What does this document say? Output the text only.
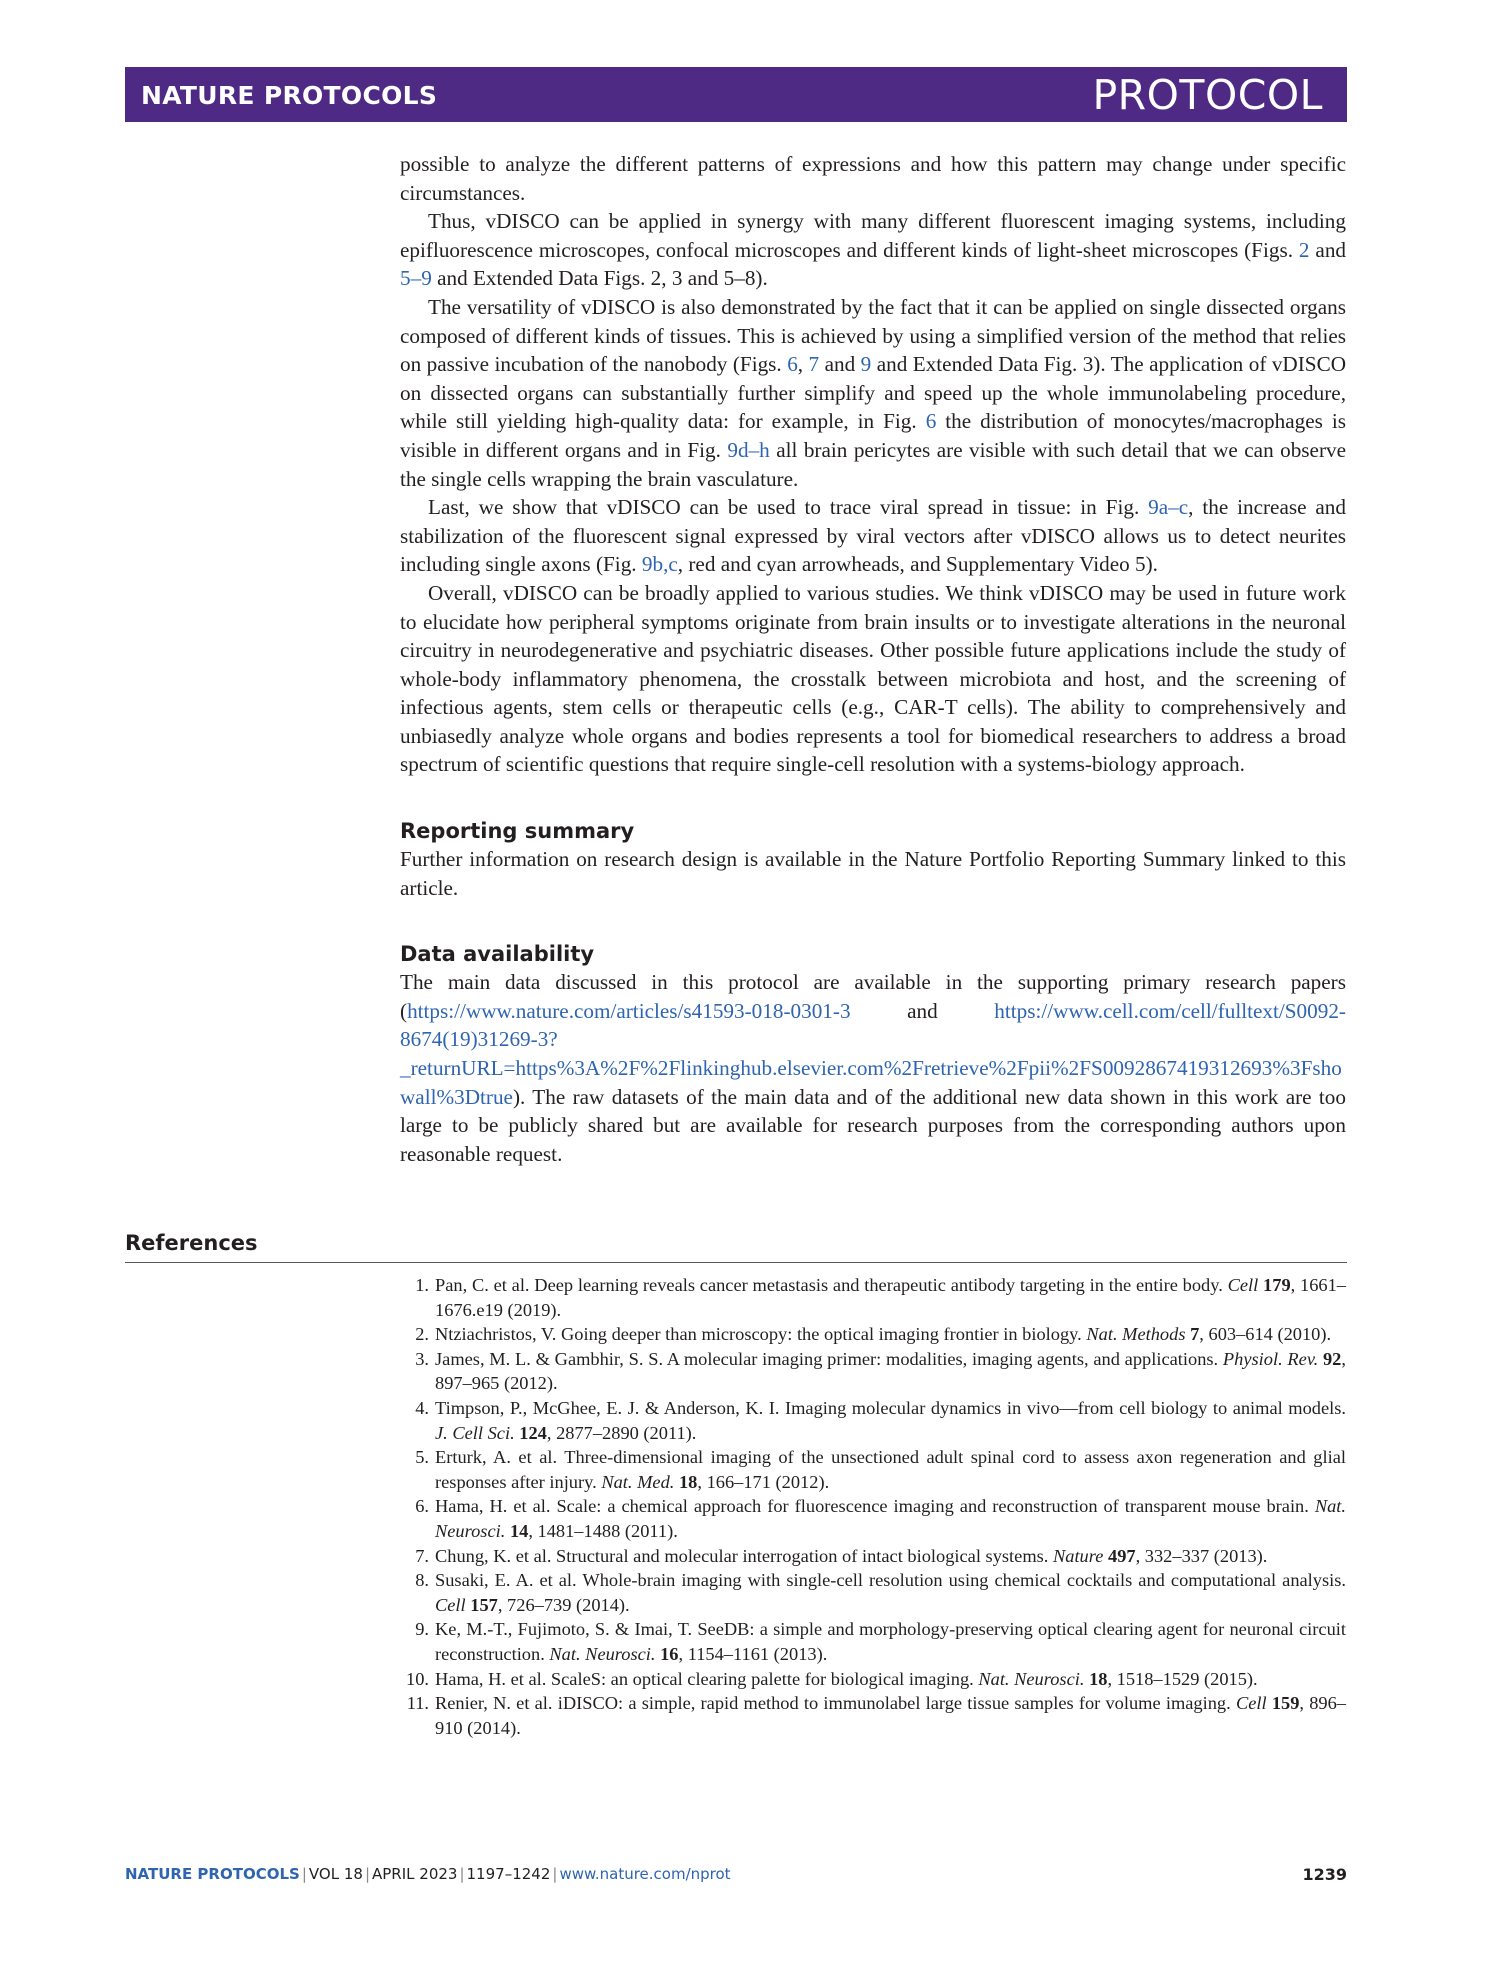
NATURE PROTOCOLS	PROTOCOL

possible to analyze the different patterns of expressions and how this pattern may change under specific circumstances.

Thus, vDISCO can be applied in synergy with many different fluorescent imaging systems, including epifluorescence microscopes, confocal microscopes and different kinds of light-sheet microscopes (Figs. 2 and 5–9 and Extended Data Figs. 2, 3 and 5–8).

The versatility of vDISCO is also demonstrated by the fact that it can be applied on single dissected organs composed of different kinds of tissues. This is achieved by using a simplified version of the method that relies on passive incubation of the nanobody (Figs. 6, 7 and 9 and Extended Data Fig. 3). The application of vDISCO on dissected organs can substantially further simplify and speed up the whole immunolabeling procedure, while still yielding high-quality data: for example, in Fig. 6 the distribution of monocytes/macrophages is visible in different organs and in Fig. 9d–h all brain pericytes are visible with such detail that we can observe the single cells wrapping the brain vasculature.

Last, we show that vDISCO can be used to trace viral spread in tissue: in Fig. 9a–c, the increase and stabilization of the fluorescent signal expressed by viral vectors after vDISCO allows us to detect neurites including single axons (Fig. 9b,c, red and cyan arrowheads, and Supplementary Video 5).

Overall, vDISCO can be broadly applied to various studies. We think vDISCO may be used in future work to elucidate how peripheral symptoms originate from brain insults or to investigate alterations in the neuronal circuitry in neurodegenerative and psychiatric diseases. Other possible future applications include the study of whole-body inflammatory phenomena, the crosstalk between microbiota and host, and the screening of infectious agents, stem cells or therapeutic cells (e.g., CAR-T cells). The ability to comprehensively and unbiasedly analyze whole organs and bodies represents a tool for biomedical researchers to address a broad spectrum of scientific questions that require single-cell resolution with a systems-biology approach.

Reporting summary

Further information on research design is available in the Nature Portfolio Reporting Summary linked to this article.

Data availability

The main data discussed in this protocol are available in the supporting primary research papers (https://www.nature.com/articles/s41593-018-0301-3 and https://www.cell.com/cell/fulltext/S0092-8674(19)31269-3?_returnURL=https%3A%2F%2Flinkinghub.elsevier.com%2Fretrieve%2Fpii%2FS0092867419312693%3Fshowall%3Dtrue). The raw datasets of the main data and of the additional new data shown in this work are too large to be publicly shared but are available for research purposes from the corresponding authors upon reasonable request.

References
1. Pan, C. et al. Deep learning reveals cancer metastasis and therapeutic antibody targeting in the entire body. Cell 179, 1661–1676.e19 (2019).
2. Ntziachristos, V. Going deeper than microscopy: the optical imaging frontier in biology. Nat. Methods 7, 603–614 (2010).
3. James, M. L. & Gambhir, S. S. A molecular imaging primer: modalities, imaging agents, and applications. Physiol. Rev. 92, 897–965 (2012).
4. Timpson, P., McGhee, E. J. & Anderson, K. I. Imaging molecular dynamics in vivo—from cell biology to animal models. J. Cell Sci. 124, 2877–2890 (2011).
5. Erturk, A. et al. Three-dimensional imaging of the unsectioned adult spinal cord to assess axon regeneration and glial responses after injury. Nat. Med. 18, 166–171 (2012).
6. Hama, H. et al. Scale: a chemical approach for fluorescence imaging and reconstruction of transparent mouse brain. Nat. Neurosci. 14, 1481–1488 (2011).
7. Chung, K. et al. Structural and molecular interrogation of intact biological systems. Nature 497, 332–337 (2013).
8. Susaki, E. A. et al. Whole-brain imaging with single-cell resolution using chemical cocktails and computational analysis. Cell 157, 726–739 (2014).
9. Ke, M.-T., Fujimoto, S. & Imai, T. SeeDB: a simple and morphology-preserving optical clearing agent for neuronal circuit reconstruction. Nat. Neurosci. 16, 1154–1161 (2013).
10. Hama, H. et al. ScaleS: an optical clearing palette for biological imaging. Nat. Neurosci. 18, 1518–1529 (2015).
11. Renier, N. et al. iDISCO: a simple, rapid method to immunolabel large tissue samples for volume imaging. Cell 159, 896–910 (2014).
NATURE PROTOCOLS | VOL 18 | APRIL 2023 | 1197–1242 | www.nature.com/nprot	1239
